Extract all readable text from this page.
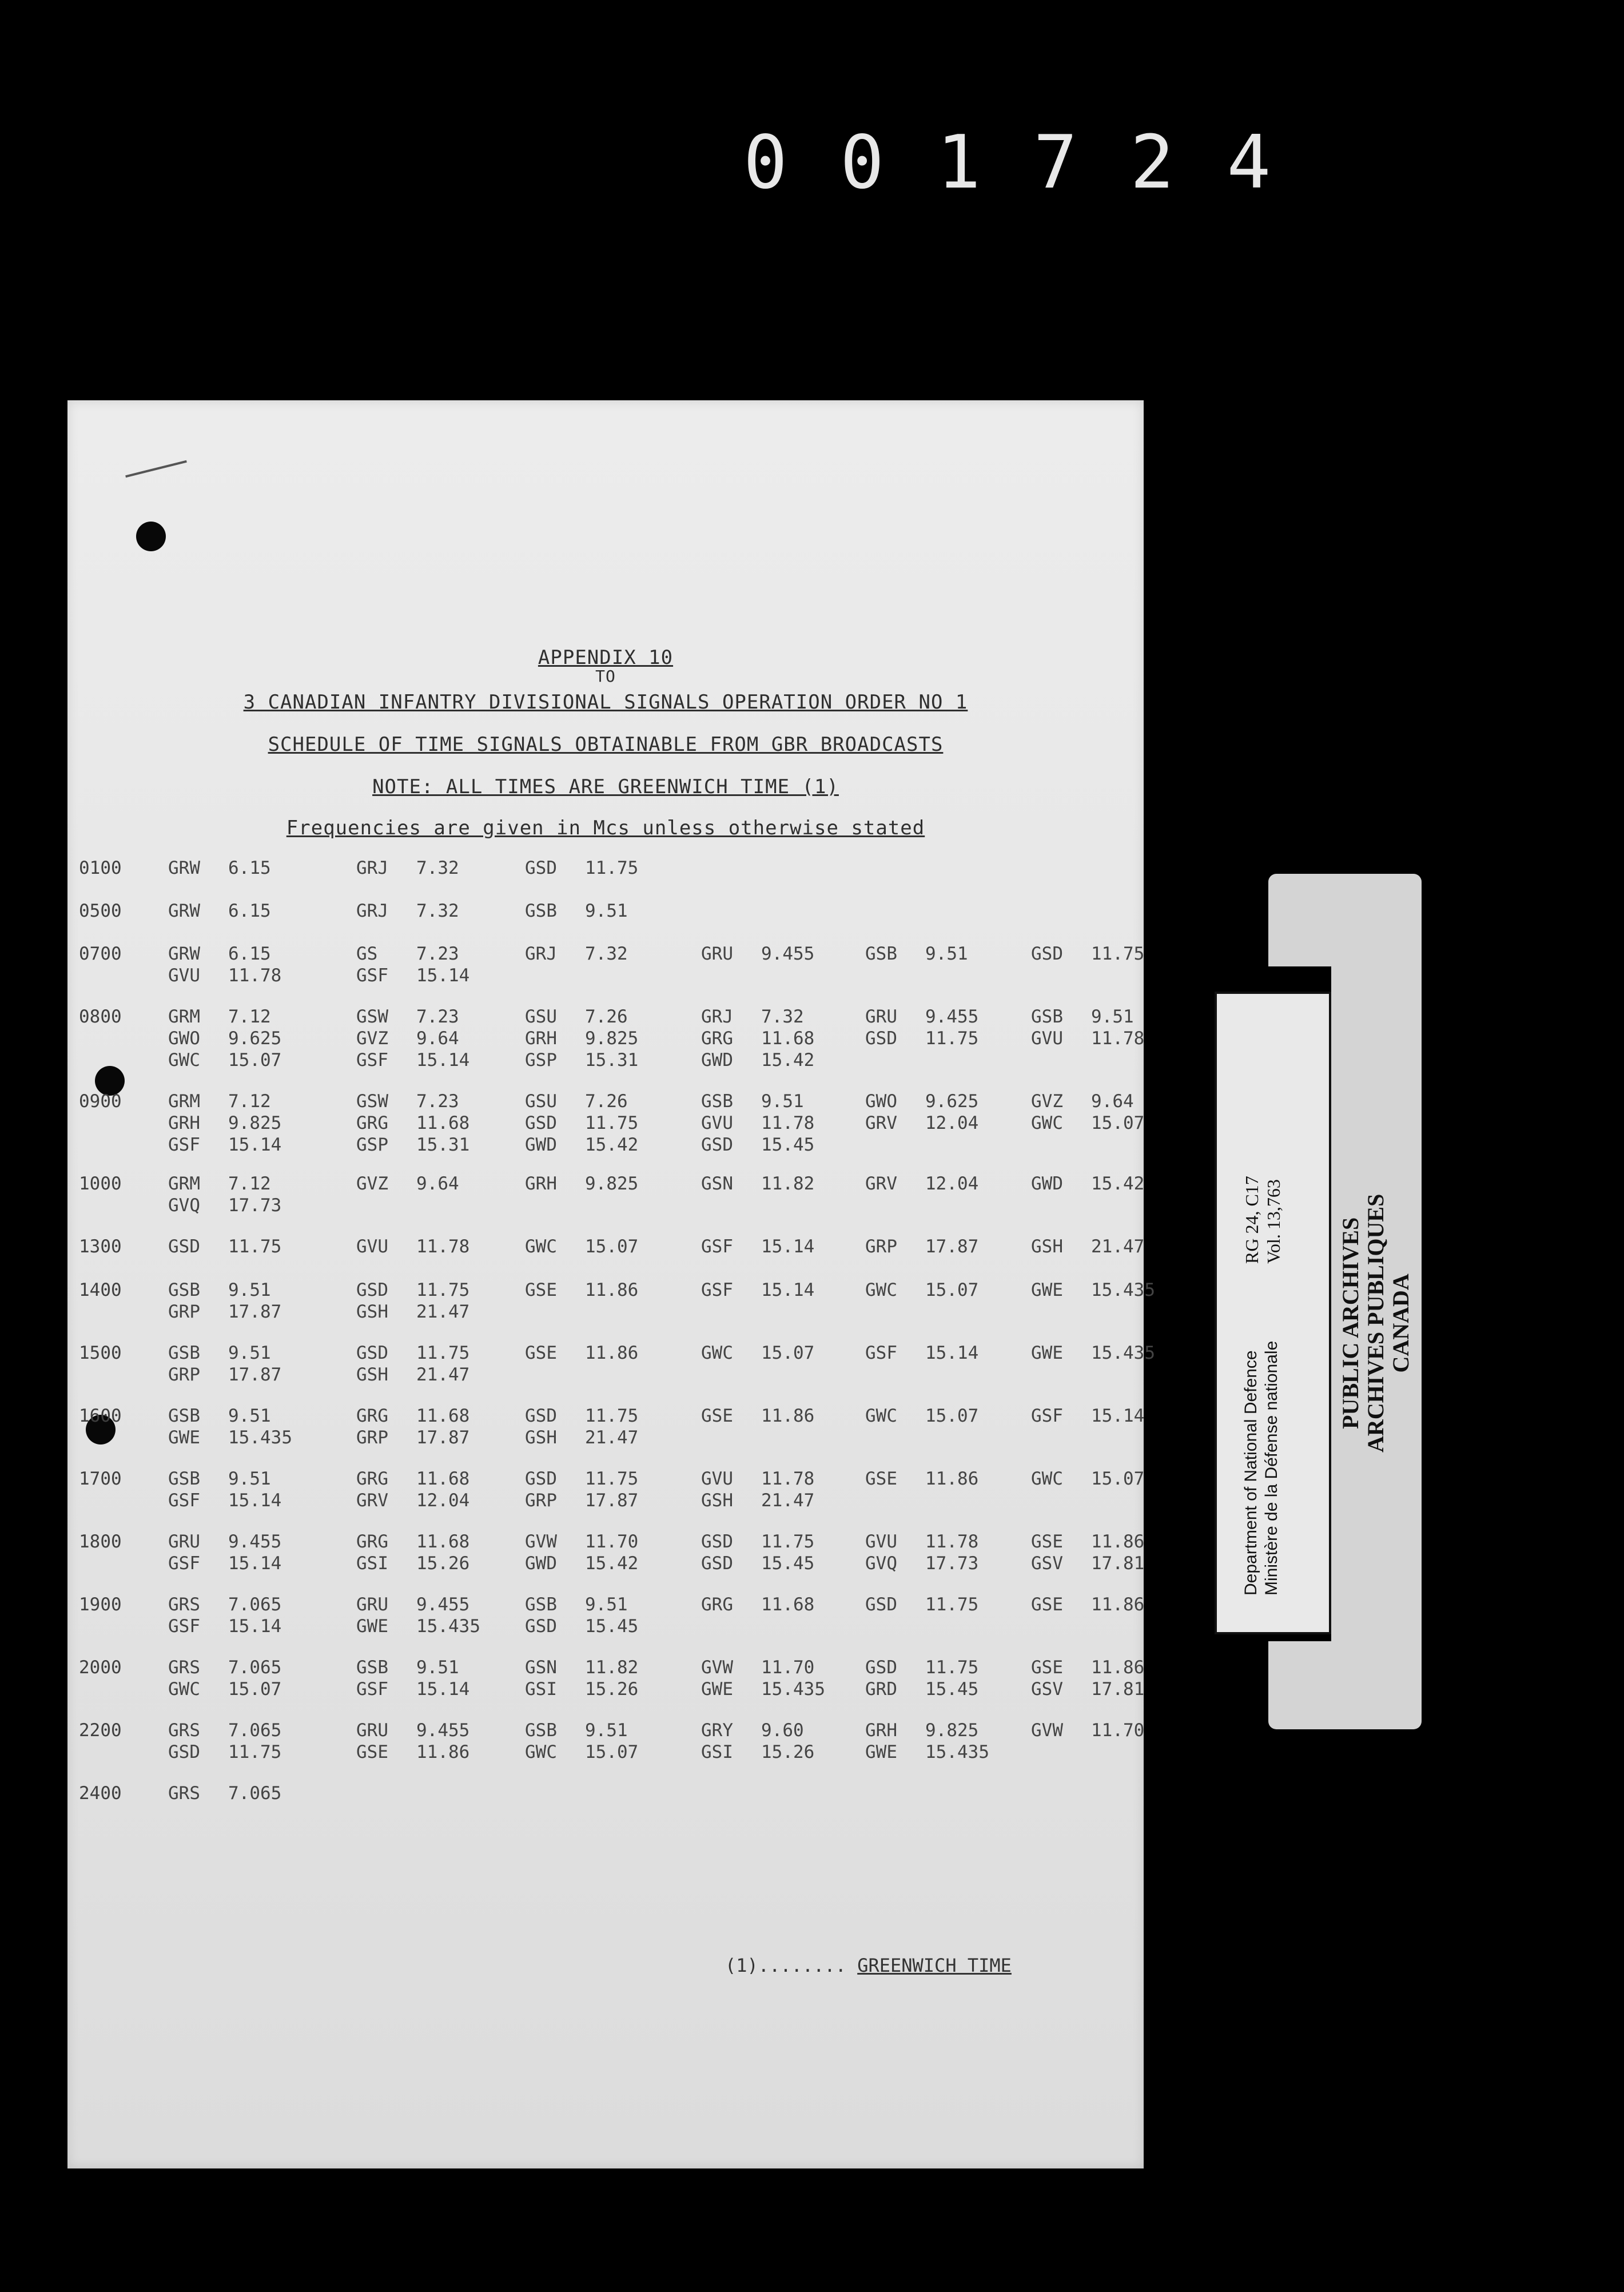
001724
APPENDIX 10
TO
3 CANADIAN INFANTRY DIVISIONAL SIGNALS OPERATION ORDER NO 1
SCHEDULE OF TIME SIGNALS OBTAINABLE FROM GBR BROADCASTS
NOTE: ALL TIMES ARE GREENWICH TIME (1)
Frequencies are given in Mcs unless otherwise stated
0100	GRW 6.15	GRJ 7.32	GSD 11.75
0500	GRW 6.15	GRJ 7.32	GSB 9.51
0700	GRW 6.15	GS 7.23	GRJ 7.32	GRU 9.455	GSB 9.51	GSD 11.75
GVU 11.78	GSF 15.14
0800	GRM 7.12	GSW 7.23	GSU 7.26	GRJ 7.32	GRU 9.455	GSB 9.51
GWO 9.625	GVZ 9.64	GRH 9.825	GRG 11.68	GSD 11.75	GVU 11.78
GWC 15.07	GSF 15.14	GSP 15.31	GWD 15.42
0900	GRM 7.12	GSW 7.23	GSU 7.26	GSB 9.51	GWO 9.625	GVZ 9.64
GRH 9.825	GRG 11.68	GSD 11.75	GVU 11.78	GRV 12.04	GWC 15.07
GSF 15.14	GSP 15.31	GWD 15.42	GSD 15.45
1000	GRM 7.12	GVZ 9.64	GRH 9.825	GSN 11.82	GRV 12.04	GWD 15.42
GVQ 17.73
1300	GSD 11.75	GVU 11.78	GWC 15.07	GSF 15.14	GRP 17.87	GSH 21.47
1400	GSB 9.51	GSD 11.75	GSE 11.86	GSF 15.14	GWC 15.07	GWE 15.435
GRP 17.87	GSH 21.47
1500	GSB 9.51	GSD 11.75	GSE 11.86	GWC 15.07	GSF 15.14	GWE 15.435
GRP 17.87	GSH 21.47
1600	GSB 9.51	GRG 11.68	GSD 11.75	GSE 11.86	GWC 15.07	GSF 15.14
GWE 15.435	GRP 17.87	GSH 21.47
1700	GSB 9.51	GRG 11.68	GSD 11.75	GVU 11.78	GSE 11.86	GWC 15.07
GSF 15.14	GRV 12.04	GRP 17.87	GSH 21.47
1800	GRU 9.455	GRG 11.68	GVW 11.70	GSD 11.75	GVU 11.78	GSE 11.86
GSF 15.14	GSI 15.26	GWD 15.42	GSD 15.45	GVQ 17.73	GSV 17.81
1900	GRS 7.065	GRU 9.455	GSB 9.51	GRG 11.68	GSD 11.75	GSE 11.86
GSF 15.14	GWE 15.435	GSD 15.45
2000	GRS 7.065	GSB 9.51	GSN 11.82	GVW 11.70	GSD 11.75	GSE 11.86
GWC 15.07	GSF 15.14	GSI 15.26	GWE 15.435	GRD 15.45	GSV 17.81
2200	GRS 7.065	GRU 9.455	GSB 9.51	GRY 9.60	GRH 9.825	GVW 11.70
GSD 11.75	GSE 11.86	GWC 15.07	GSI 15.26	GWE 15.435
2400	GRS 7.065
(1)........ GREENWICH TIME
Department of National Defence Ministère de la Défense nationale
RG 24, C17 Vol. 13,763 PUBLIC ARCHIVES ARCHIVES PUBLIQUES CANADA
